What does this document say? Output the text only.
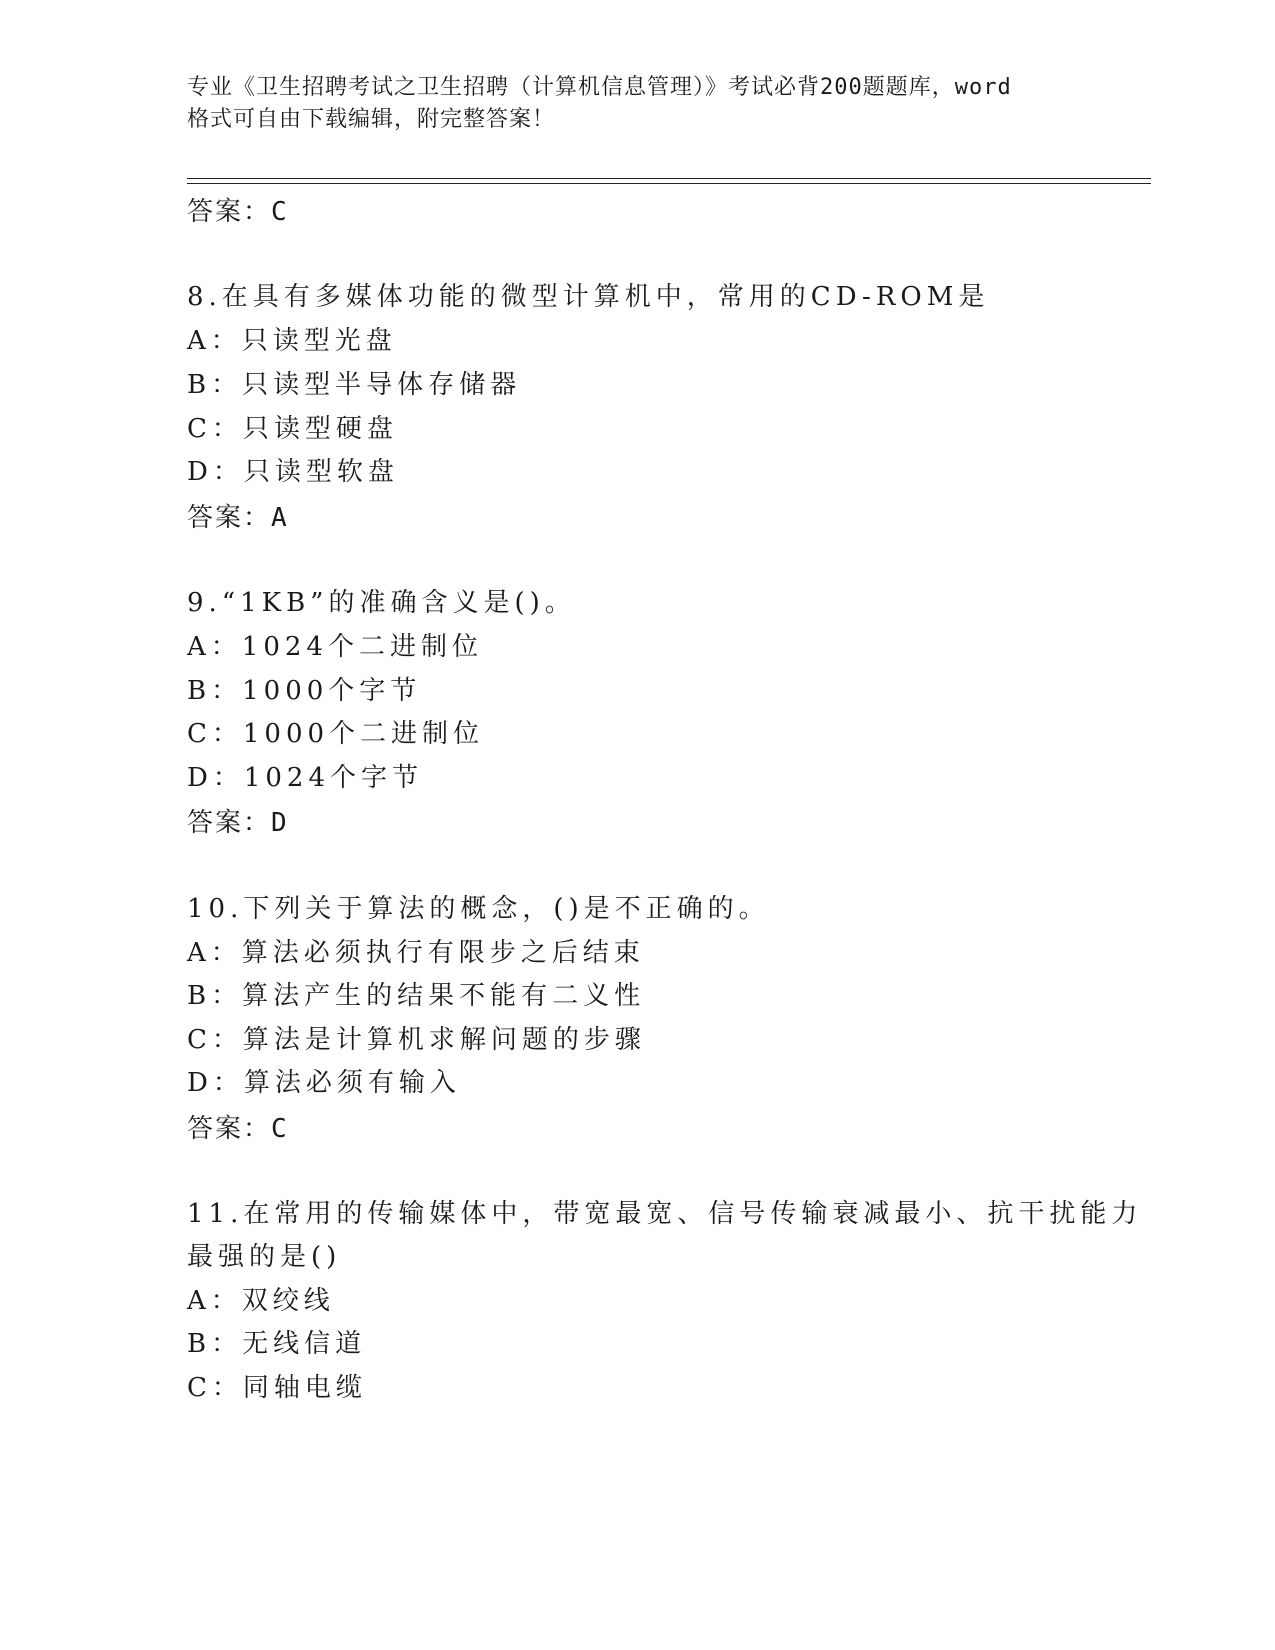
专业《卫生招聘考试之卫生招聘（计算机信息管理）》考试必背200题题库，word
格式可自由下载编辑，附完整答案！
答案：C
8.在具有多媒体功能的微型计算机中，常用的CD-ROM是
A：只读型光盘
B：只读型半导体存储器
C：只读型硬盘
D：只读型软盘
答案：A
9.“1KB”的准确含义是()。
A：1024个二进制位
B：1000个字节
C：1000个二进制位
D：1024个字节
答案：D
10.下列关于算法的概念，()是不正确的。
A：算法必须执行有限步之后结束
B：算法产生的结果不能有二义性
C：算法是计算机求解问题的步骤
D：算法必须有输入
答案：C
11.在常用的传输媒体中，带宽最宽、信号传输衰减最小、抗干扰能力
最强的是()
A：双绞线
B：无线信道
C：同轴电缆
